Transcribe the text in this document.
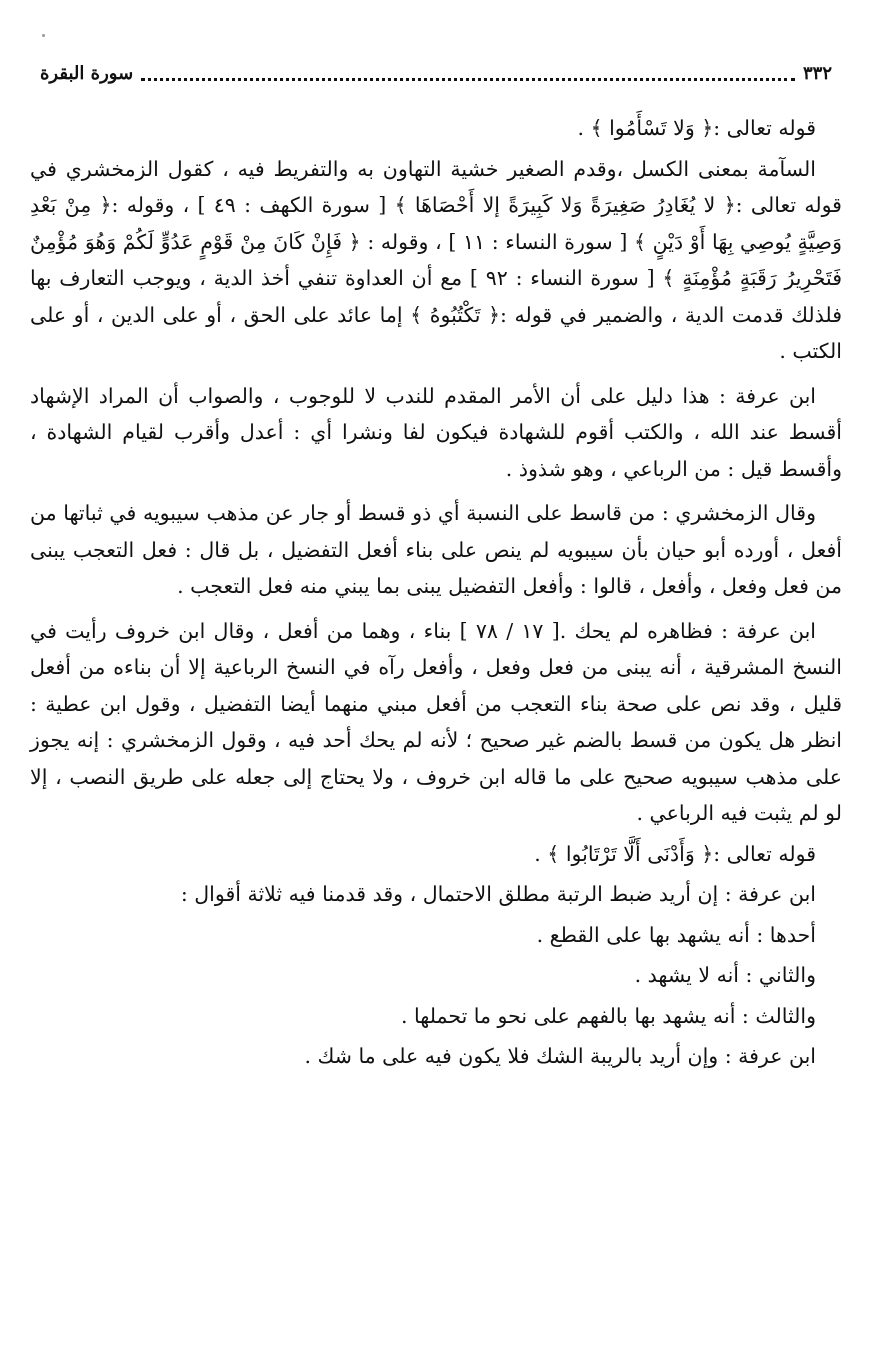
٣٣٢
سورة البقرة

قوله تعالى :﴿ وَلا تَسْأَمُوا ﴾ .

السآمة بمعنى الكسل ،وقدم الصغير خشية التهاون به والتفريط فيه ، كقول الزمخشري في قوله تعالى :﴿ لا يُغَادِرُ صَغِيرَةً وَلا كَبِيرَةً إلا أَحْصَاهَا ﴾ [ سورة الكهف : ٤٩ ] ، وقوله :﴿ مِنْ بَعْدِ وَصِيَّةٍ يُوصِي بِهَا أَوْ دَيْنٍ ﴾ [ سورة النساء : ١١ ] ، وقوله : ﴿ فَإِنْ كَانَ مِنْ قَوْمٍ عَدُوٍّ لَكُمْ وَهُوَ مُؤْمِنٌ فَتَحْرِيرُ رَقَبَةٍ مُؤْمِنَةٍ ﴾ [ سورة النساء : ٩٢ ] مع أن العداوة تنفي أخذ الدية ، ويوجب التعارف بها فلذلك قدمت الدية ، والضمير في قوله :﴿ تَكْتُبُوهُ ﴾ إما عائد على الحق ، أو على الدين ، أو على الكتب .

ابن عرفة : هذا دليل على أن الأمر المقدم للندب لا للوجوب ، والصواب أن المراد الإشهاد أقسط عند الله ، والكتب أقوم للشهادة فيكون لفا ونشرا أي : أعدل وأقرب لقيام الشهادة ، وأقسط قيل : من الرباعي ، وهو شذوذ .

وقال الزمخشري : من قاسط على النسبة أي ذو قسط أو جار عن مذهب سيبويه في ثباتها من أفعل ، أورده أبو حيان بأن سيبويه لم ينص على بناء أفعل التفضيل ، بل قال : فعل التعجب يبنى من فعل وفعل ، وأفعل ، قالوا : وأفعل التفضيل يبنى بما يبني منه فعل التعجب .

ابن عرفة : فظاهره لم يحك .[ ١٧ / ٧٨ ] بناء ، وهما من أفعل ، وقال ابن خروف رأيت في النسخ المشرقية ، أنه يبنى من فعل وفعل ، وأفعل رآه في النسخ الرباعية إلا أن بناءه من أفعل قليل ، وقد نص على صحة بناء التعجب من أفعل مبني منهما أيضا التفضيل ، وقول ابن عطية : انظر هل يكون من قسط بالضم غير صحيح ؛ لأنه لم يحك أحد فيه ، وقول الزمخشري : إنه يجوز على مذهب سيبويه صحيح على ما قاله ابن خروف ، ولا يحتاج إلى جعله على طريق النصب ، إلا لو لم يثبت فيه الرباعي .

قوله تعالى :﴿ وَأَدْنَى أَلَّا تَرْتَابُوا ﴾ .

ابن عرفة : إن أريد ضبط الرتبة مطلق الاحتمال ، وقد قدمنا فيه ثلاثة أقوال :

أحدها : أنه يشهد بها على القطع .

والثاني : أنه لا يشهد .

والثالث : أنه يشهد بها بالفهم على نحو ما تحملها .

ابن عرفة : وإن أريد بالريبة الشك فلا يكون فيه على ما شك .
